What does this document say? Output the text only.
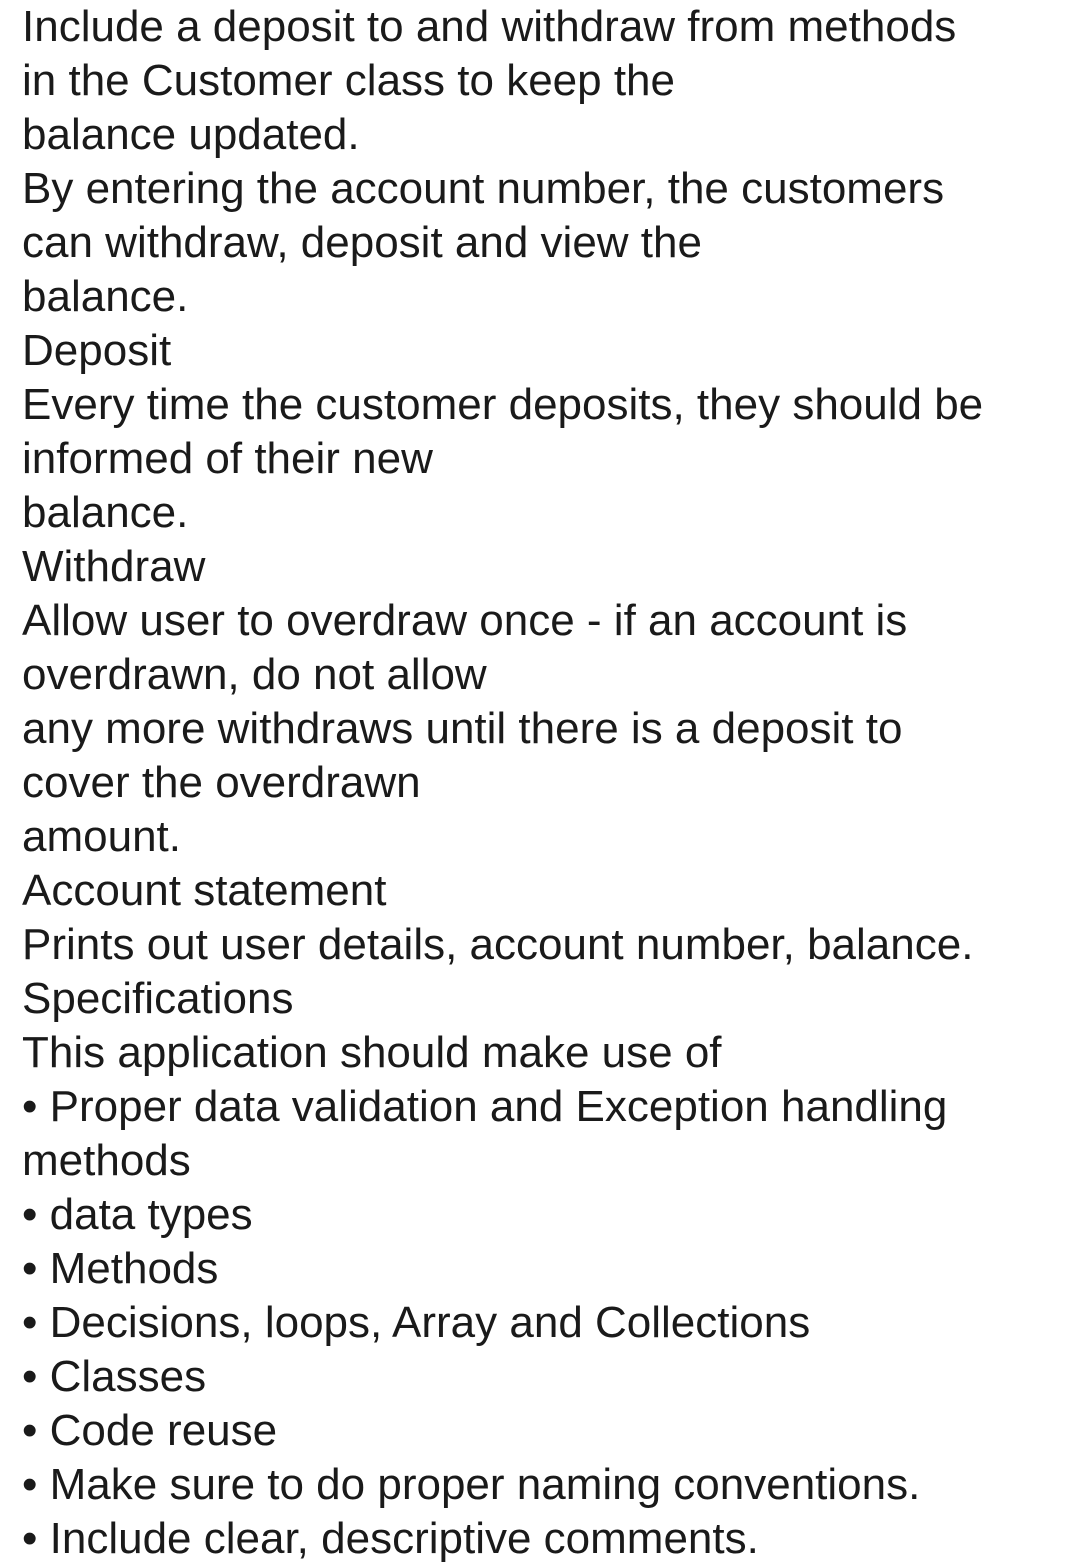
Include a deposit to and withdraw from methods
in the Customer class to keep the
balance updated.
By entering the account number, the customers
can withdraw, deposit and view the
balance.
Deposit
Every time the customer deposits, they should be
informed of their new
balance.
Withdraw
Allow user to overdraw once - if an account is
overdrawn, do not allow
any more withdraws until there is a deposit to
cover the overdrawn
amount.
Account statement
Prints out user details, account number, balance.
Specifications
This application should make use of
• Proper data validation and Exception handling
methods
• data types
• Methods
• Decisions, loops, Array and Collections
• Classes
• Code reuse
• Make sure to do proper naming conventions.
• Include clear, descriptive comments.
